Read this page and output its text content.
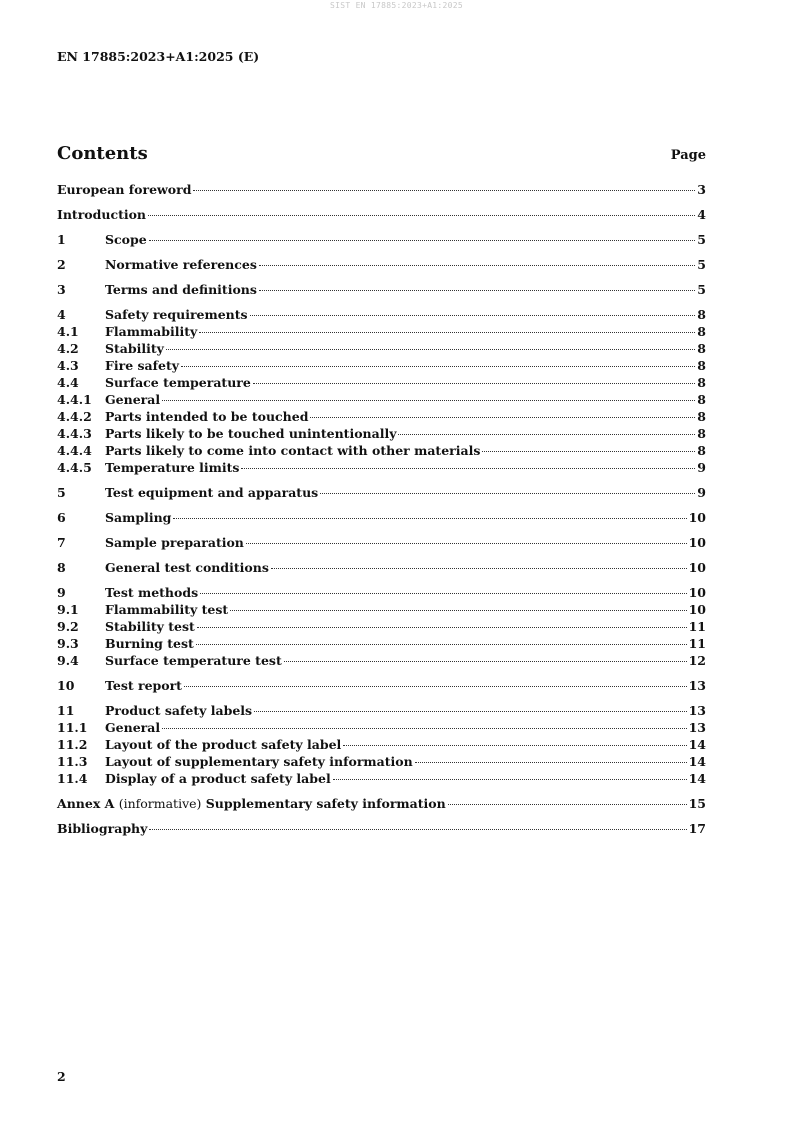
SIST EN 17885:2023+A1:2025
EN 17885:2023+A1:2025 (E)
Contents	Page
European foreword	3
Introduction	4
1	Scope	5
2	Normative references	5
3	Terms and definitions	5
4	Safety requirements	8
4.1	Flammability	8
4.2	Stability	8
4.3	Fire safety	8
4.4	Surface temperature	8
4.4.1	General	8
4.4.2	Parts intended to be touched	8
4.4.3	Parts likely to be touched unintentionally	8
4.4.4	Parts likely to come into contact with other materials	8
4.4.5	Temperature limits	9
5	Test equipment and apparatus	9
6	Sampling	10
7	Sample preparation	10
8	General test conditions	10
9	Test methods	10
9.1	Flammability test	10
9.2	Stability test	11
9.3	Burning test	11
9.4	Surface temperature test	12
10	Test report	13
11	Product safety labels	13
11.1	General	13
11.2	Layout of the product safety label	14
11.3	Layout of supplementary safety information	14
11.4	Display of a product safety label	14
Annex A (informative) Supplementary safety information	15
Bibliography	17
2
